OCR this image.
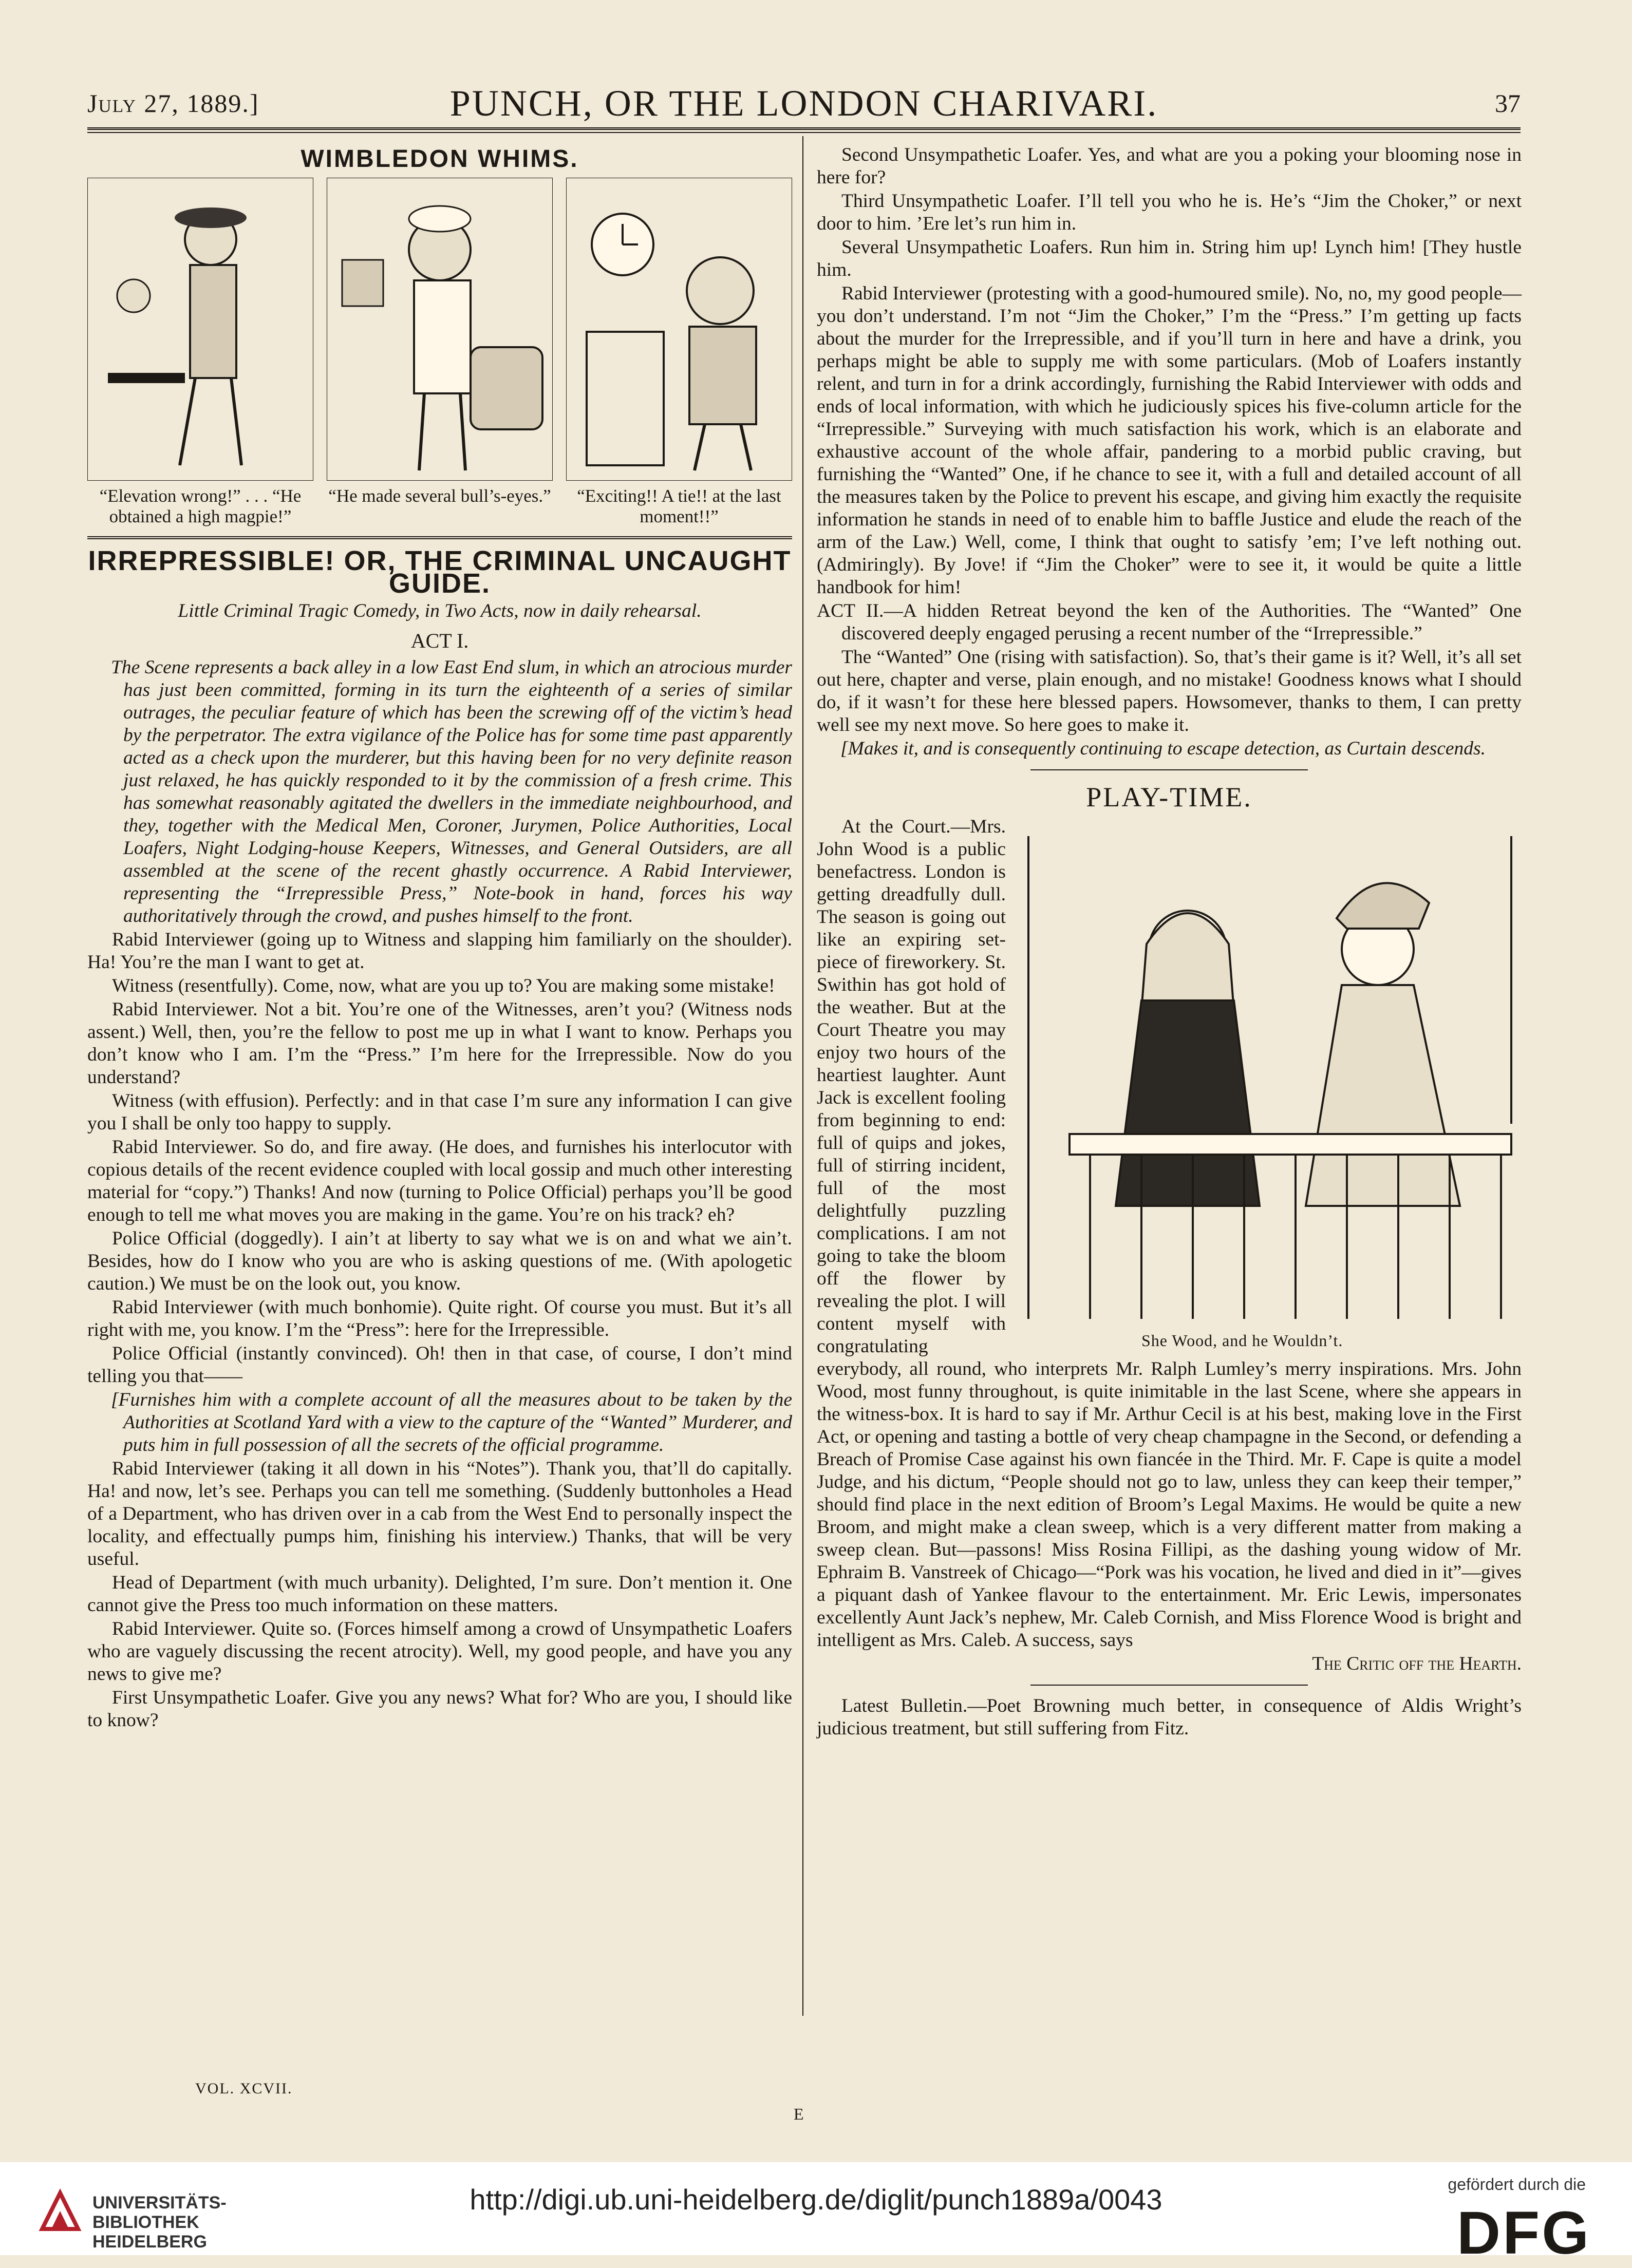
July 27, 1889.]	PUNCH, OR THE LONDON CHARIVARI.	37
WIMBLEDON WHIMS.
“Elevation wrong!” . . . “He obtained a high magpie!”
“He made several bull’s-eyes.”	“Exciting!! A tie!! at the last moment!!”
IRREPRESSIBLE! OR, THE CRIMINAL UNCAUGHT GUIDE.
Little Criminal Tragic Comedy, in Two Acts, now in daily rehearsal.
ACT I.

The Scene represents a back alley in a low East End slum, in which an atrocious murder has just been committed, forming in its turn the eighteenth of a series of similar outrages, the peculiar feature of which has been the screwing off of the victim’s head by the perpetrator. The extra vigilance of the Police has for some time past apparently acted as a check upon the murderer, but this having been for no very definite reason just relaxed, he has quickly responded to it by the commission of a fresh crime. This has somewhat reasonably agitated the dwellers in the immediate neighbourhood, and they, together with the Medical Men, Coroner, Jurymen, Police Authorities, Local Loafers, Night Lodging-house Keepers, Witnesses, and General Outsiders, are all assembled at the scene of the recent ghastly occurrence. A Rabid Interviewer, representing the “Irrepressible Press,” Note-book in hand, forces his way authoritatively through the crowd, and pushes himself to the front.

Rabid Interviewer (going up to Witness and slapping him familiarly on the shoulder). Ha! You’re the man I want to get at.

Witness (resentfully). Come, now, what are you up to? You are making some mistake!

Rabid Interviewer. Not a bit. You’re one of the Witnesses, aren’t you? (Witness nods assent.) Well, then, you’re the fellow to post me up in what I want to know. Perhaps you don’t know who I am. I’m the “Press.” I’m here for the Irrepressible. Now do you understand?

Witness (with effusion). Perfectly: and in that case I’m sure any information I can give you I shall be only too happy to supply.

Rabid Interviewer. So do, and fire away. (He does, and furnishes his interlocutor with copious details of the recent evidence coupled with local gossip and much other interesting material for “copy.”) Thanks! And now (turning to Police Official) perhaps you’ll be good enough to tell me what moves you are making in the game. You’re on his track? eh?

Police Official (doggedly). I ain’t at liberty to say what we is on and what we ain’t. Besides, how do I know who you are who is asking questions of me. (With apologetic caution.) We must be on the look out, you know.

Rabid Interviewer (with much bonhomie). Quite right. Of course you must. But it’s all right with me, you know. I’m the “Press”: here for the Irrepressible.

Police Official (instantly convinced). Oh! then in that case, of course, I don’t mind telling you that——

[Furnishes him with a complete account of all the measures about to be taken by the Authorities at Scotland Yard with a view to the capture of the “Wanted” Murderer, and puts him in full possession of all the secrets of the official programme.

Rabid Interviewer (taking it all down in his “Notes”). Thank you, that’ll do capitally. Ha! and now, let’s see. Perhaps you can tell me something. (Suddenly buttonholes a Head of a Department, who has driven over in a cab from the West End to personally inspect the locality, and effectually pumps him, finishing his interview.) Thanks, that will be very useful.

Head of Department (with much urbanity). Delighted, I’m sure. Don’t mention it. One cannot give the Press too much information on these matters.

Rabid Interviewer. Quite so. (Forces himself among a crowd of Unsympathetic Loafers who are vaguely discussing the recent atrocity). Well, my good people, and have you any news to give me?

First Unsympathetic Loafer. Give you any news? What for? Who are you, I should like to know?

Second Unsympathetic Loafer. Yes, and what are you a poking your blooming nose in here for?

Third Unsympathetic Loafer. I’ll tell you who he is. He’s “Jim the Choker,” or next door to him. ’Ere let’s run him in.

Several Unsympathetic Loafers. Run him in. String him up! Lynch him! [They hustle him.

Rabid Interviewer (protesting with a good-humoured smile). No, no, my good people—you don’t understand. I’m not “Jim the Choker,” I’m the “Press.” I’m getting up facts about the murder for the Irrepressible, and if you’ll turn in here and have a drink, you perhaps might be able to supply me with some particulars. (Mob of Loafers instantly relent, and turn in for a drink accordingly, furnishing the Rabid Interviewer with odds and ends of local information, with which he judiciously spices his five-column article for the “Irrepressible.” Surveying with much satisfaction his work, which is an elaborate and exhaustive account of the whole affair, pandering to a morbid public craving, but furnishing the “Wanted” One, if he chance to see it, with a full and detailed account of all the measures taken by the Police to prevent his escape, and giving him exactly the requisite information he stands in need of to enable him to baffle Justice and elude the reach of the arm of the Law.) Well, come, I think that ought to satisfy ’em; I’ve left nothing out. (Admiringly). By Jove! if “Jim the Choker” were to see it, it would be quite a little handbook for him!

ACT II.—A hidden Retreat beyond the ken of the Authorities. The “Wanted” One discovered deeply engaged perusing a recent number of the “Irrepressible.”

The “Wanted” One (rising with satisfaction). So, that’s their game is it? Well, it’s all set out here, chapter and verse, plain enough, and no mistake! Goodness knows what I should do, if it wasn’t for these here blessed papers. Howsomever, thanks to them, I can pretty well see my next move. So here goes to make it.

[Makes it, and is consequently continuing to escape detection, as Curtain descends.

PLAY-TIME.
She Wood, and he Wouldn’t.

At the Court.—Mrs. John Wood is a public benefactress. London is getting dreadfully dull. The season is going out like an expiring set-piece of fireworkery. St. Swithin has got hold of the weather. But at the Court Theatre you may enjoy two hours of the heartiest laughter. Aunt Jack is excellent fooling from beginning to end: full of quips and jokes, full of stirring incident, full of the most delightfully puzzling complications. I am not going to take the bloom off the flower by revealing the plot. I will content myself with congratulating everybody, all round, who interprets Mr. Ralph Lumley’s merry inspirations. Mrs. John Wood, most funny throughout, is quite inimitable in the last Scene, where she appears in the witness-box. It is hard to say if Mr. Arthur Cecil is at his best, making love in the First Act, or opening and tasting a bottle of very cheap champagne in the Second, or defending a Breach of Promise Case against his own fiancée in the Third. Mr. F. Cape is quite a model Judge, and his dictum, “People should not go to law, unless they can keep their temper,” should find place in the next edition of Broom’s Legal Maxims. He would be quite a new Broom, and might make a clean sweep, which is a very different matter from making a sweep clean. But—passons! Miss Rosina Fillipi, as the dashing young widow of Mr. Ephraim B. Vanstreek of Chicago—“Pork was his vocation, he lived and died in it”—gives a piquant dash of Yankee flavour to the entertainment. Mr. Eric Lewis, impersonates excellently Aunt Jack’s nephew, Mr. Caleb Cornish, and Miss Florence Wood is bright and intelligent as Mrs. Caleb. A success, says

The Critic off the Hearth.

Latest Bulletin.—Poet Browning much better, in consequence of Aldis Wright’s judicious treatment, but still suffering from Fitz.

VOL. XCVII.
E
UNIVERSITÄTS-
BIBLIOTHEK
HEIDELBERG
http://digi.ub.uni-heidelberg.de/diglit/punch1889a/0043	gefördert durch die
DFG
